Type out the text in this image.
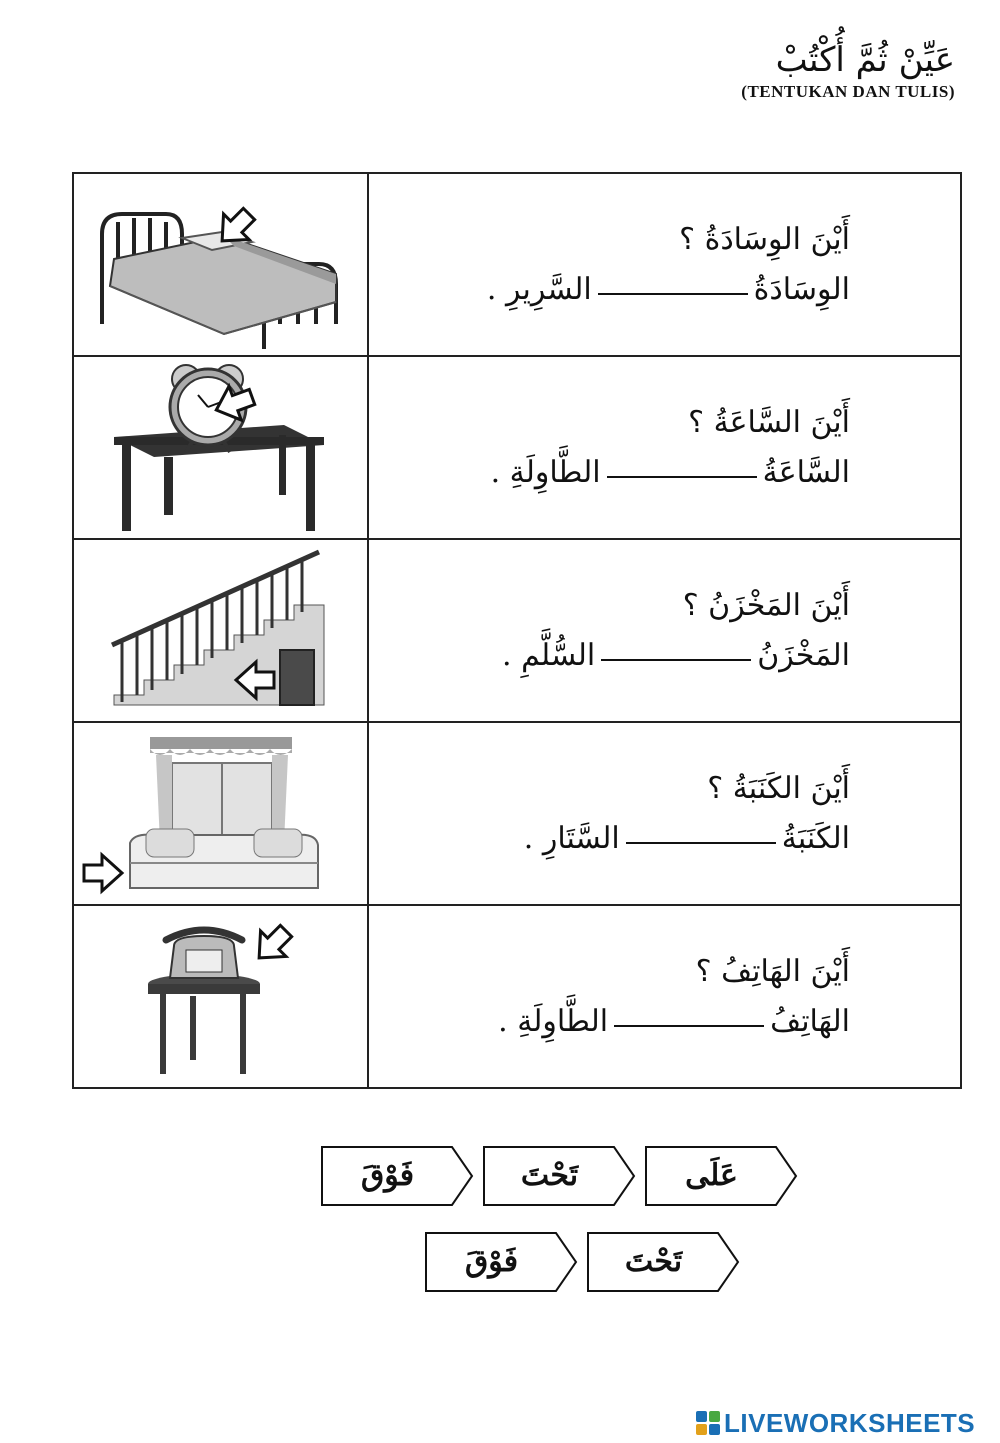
عَيِّنْ ثُمَّ أُكْتُبْ
(TENTUKAN DAN TULIS)

أَيْنَ الوِسَادَةُ ؟
الوِسَادَةُالسَّرِيرِ .

أَيْنَ السَّاعَةُ ؟
السَّاعَةُالطَّاوِلَةِ .

أَيْنَ المَخْزَنُ ؟
المَخْزَنُالسُّلَّمِ .

أَيْنَ الكَنَبَةُ ؟
الكَنَبَةُالسَّتَارِ .

أَيْنَ الهَاتِفُ ؟
الهَاتِفُالطَّاوِلَةِ .
فَوْقَ	تَحْتَ	عَلَى
فَوْقَ	تَحْتَ
LIVEWORKSHEETS
